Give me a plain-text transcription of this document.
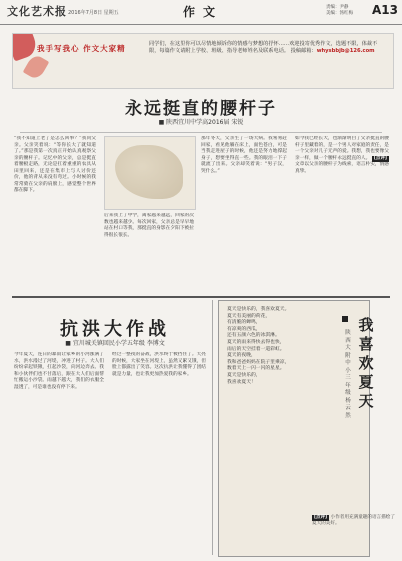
文化艺术报 2016年7月8日 星期五	作文	责编：尹静
美编：汤红梅 A13
我手写我心 作文大家精	同学们，在这里你可以尽情地倾诉你的情感与梦想的抒怀……欢迎投寄优秀作文，选题不限，体裁不限，每篇作文请附上学校、班级、指导老师姓名及联系电话。 投稿邮箱：whysbbjb@126.com
永远挺直的腰杆子
■ 陕西宜川中学高2016届 宋锐
“我不知道上老了是怎么回事？”我问父亲。父亲笑着说：“等你长大了就知道了。”那是我第一次真正开始认真观察父亲的腰杆子。记忆中的父亲，总是挺直着腰板走路，无论是扛着重重的农具从田里回来，还是在集市上与人讨价还价，他的背从来没有弯过。小时候的我常常骑在父亲的肩膀上，感觉整个世界都在脚下。
后来我上了中学，离家越来越远，回家的次数也越来越少。每次回家，父亲总是早早地站在村口等我，那挺直的身影在夕阳下被拉得很长很长。
那年冬天，父亲生了一场大病。我匆匆赶回家，看见他躺在床上，面色苍白，可是当我走进屋子的时候，他还是努力地撑起身子，想要坐得直一些。我的眼泪一下子就流了出来。父亲却笑着说：“男子汉，哭什么。”
如今我已经长大，也渐渐明白了父亲挺直的腰杆子里藏着的，是一个男人对家庭的责任，是一个父亲对儿子无声的爱。我想，我也要像父亲一样，做一个腰杆永远挺直的人。 [点评] 文章以父亲的腰杆子为线索，语言朴实，情感真挚。
抗洪大作战
■ 宜川城关镇回民小学五年级 李博文
今年夏天，连日的暴雨让家乡的小河涨满了水，洪水漫过了河堤，冲进了村子。大人们纷纷拿起铁锹，扛起沙袋，向河边奔去。我和小伙伴们也不甘落后，跟在大人们后面帮忙搬运小沙袋。雨越下越大，我们的衣服全湿透了，可是谁也没有停下来。
经过一整夜的奋战，洪水终于被挡住了。天亮的时候，大家坐在河堤上，虽然又累又饿，但脸上都露出了笑容。这次抗洪让我懂得了团结就是力量，也让我更加热爱我的家乡。
夏天是快乐的，我喜欢夏天。
夏天有美丽的荷花，
有清脆的蝉鸣，
有凉爽的西瓜，
还有五颜六色的冰淇淋。
夏天的雨来得快去得也快，
雨后的天空挂着一道彩虹。
夏天的夜晚，
我和爸爸妈妈在院子里乘凉，
数着天上一闪一闪的星星。
夏天是快乐的，
我喜欢夏天！
我喜欢夏天
陕西大附中小三年级 杨云然
[点评] 小作者用充满童趣的语言描绘了夏天的美好。
